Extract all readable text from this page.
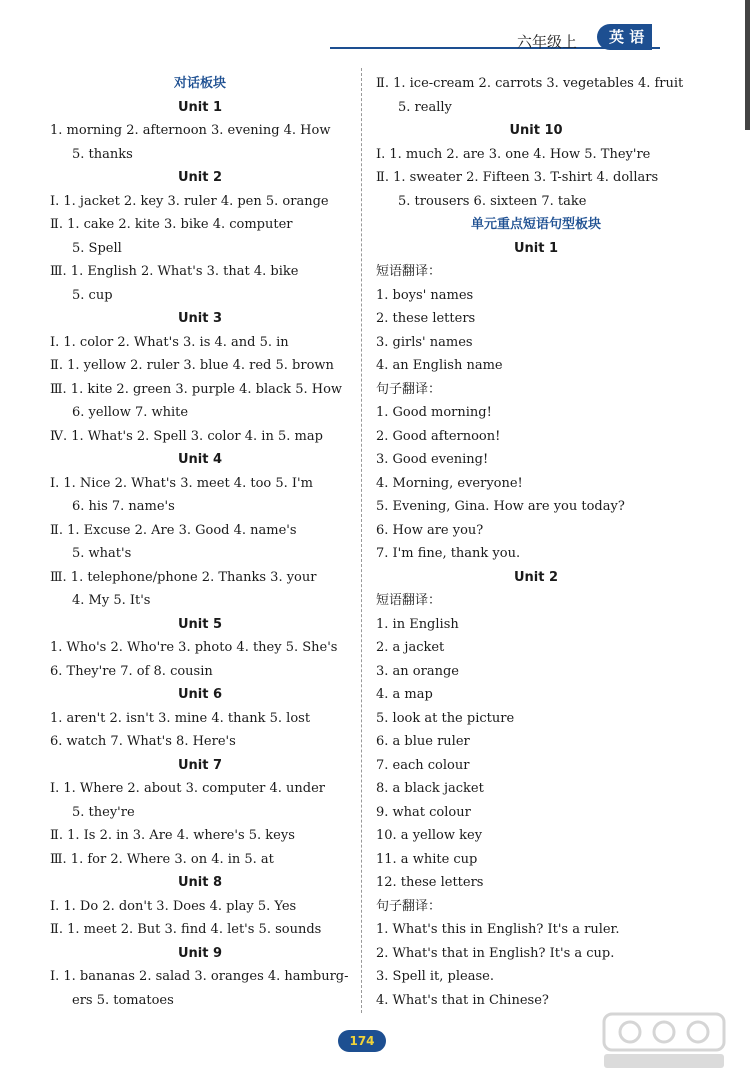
六年级上	英 语
对话板块
Unit 1
1. morning 2. afternoon 3. evening 4. How
5. thanks
Unit 2
Ⅰ. 1. jacket 2. key 3. ruler 4. pen 5. orange
Ⅱ. 1. cake 2. kite 3. bike 4. computer
5. Spell
Ⅲ. 1. English 2. What's 3. that 4. bike
5. cup
Unit 3
Ⅰ. 1. color 2. What's 3. is 4. and 5. in
Ⅱ. 1. yellow 2. ruler 3. blue 4. red 5. brown
Ⅲ. 1. kite 2. green 3. purple 4. black 5. How
6. yellow 7. white
Ⅳ. 1. What's 2. Spell 3. color 4. in 5. map
Unit 4
Ⅰ. 1. Nice 2. What's 3. meet 4. too 5. I'm
6. his 7. name's
Ⅱ. 1. Excuse 2. Are 3. Good 4. name's
5. what's
Ⅲ. 1. telephone/phone 2. Thanks 3. your
4. My 5. It's
Unit 5
1. Who's 2. Who're 3. photo 4. they 5. She's
6. They're 7. of 8. cousin
Unit 6
1. aren't 2. isn't 3. mine 4. thank 5. lost
6. watch 7. What's 8. Here's
Unit 7
Ⅰ. 1. Where 2. about 3. computer 4. under
5. they're
Ⅱ. 1. Is 2. in 3. Are 4. where's 5. keys
Ⅲ. 1. for 2. Where 3. on 4. in 5. at
Unit 8
Ⅰ. 1. Do 2. don't 3. Does 4. play 5. Yes
Ⅱ. 1. meet 2. But 3. find 4. let's 5. sounds
Unit 9
Ⅰ. 1. bananas 2. salad 3. oranges 4. hamburg-
ers 5. tomatoes
Ⅱ. 1. ice-cream 2. carrots 3. vegetables 4. fruit
5. really
Unit 10
Ⅰ. 1. much 2. are 3. one 4. How 5. They're
Ⅱ. 1. sweater 2. Fifteen 3. T-shirt 4. dollars
5. trousers 6. sixteen 7. take
单元重点短语句型板块
Unit 1
短语翻译：
1. boys' names
2. these letters
3. girls' names
4. an English name
句子翻译：
1. Good morning!
2. Good afternoon!
3. Good evening!
4. Morning, everyone!
5. Evening, Gina. How are you today?
6. How are you?
7. I'm fine, thank you.
Unit 2
短语翻译：
1. in English
2. a jacket
3. an orange
4. a map
5. look at the picture
6. a blue ruler
7. each colour
8. a black jacket
9. what colour
10. a yellow key
11. a white cup
12. these letters
句子翻译：
1. What's this in English? It's a ruler.
2. What's that in English? It's a cup.
3. Spell it, please.
4. What's that in Chinese?
174
